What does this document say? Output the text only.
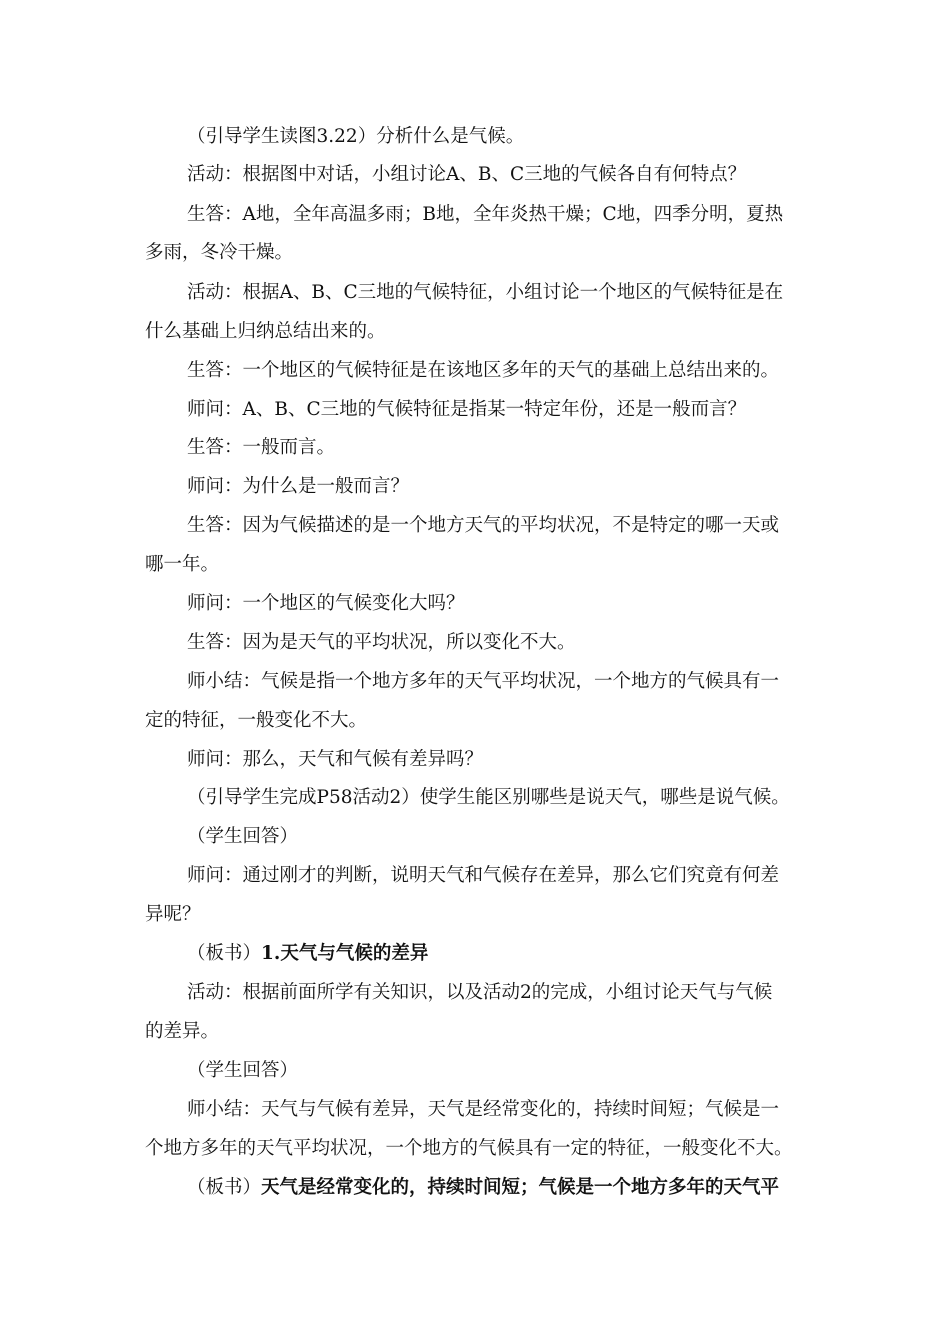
（引导学生读图3.22）分析什么是气候。
活动：根据图中对话，小组讨论A、B、C三地的气候各自有何特点？
生答：A地，全年高温多雨；B地，全年炎热干燥；C地，四季分明，夏热
多雨，冬冷干燥。
活动：根据A、B、C三地的气候特征，小组讨论一个地区的气候特征是在
什么基础上归纳总结出来的。
生答：一个地区的气候特征是在该地区多年的天气的基础上总结出来的。
师问：A、B、C三地的气候特征是指某一特定年份，还是一般而言？
生答：一般而言。
师问：为什么是一般而言？
生答：因为气候描述的是一个地方天气的平均状况，不是特定的哪一天或
哪一年。
师问：一个地区的气候变化大吗？
生答：因为是天气的平均状况，所以变化不大。
师小结：气候是指一个地方多年的天气平均状况，一个地方的气候具有一
定的特征，一般变化不大。
师问：那么，天气和气候有差异吗？
（引导学生完成P58活动2）使学生能区别哪些是说天气，哪些是说气候。
（学生回答）
师问：通过刚才的判断，说明天气和气候存在差异，那么它们究竟有何差
异呢？
（板书）1.天气与气候的差异
活动：根据前面所学有关知识，以及活动2的完成，小组讨论天气与气候
的差异。
（学生回答）
师小结：天气与气候有差异，天气是经常变化的，持续时间短；气候是一
个地方多年的天气平均状况，一个地方的气候具有一定的特征，一般变化不大。
（板书）天气是经常变化的，持续时间短；气候是一个地方多年的天气平
